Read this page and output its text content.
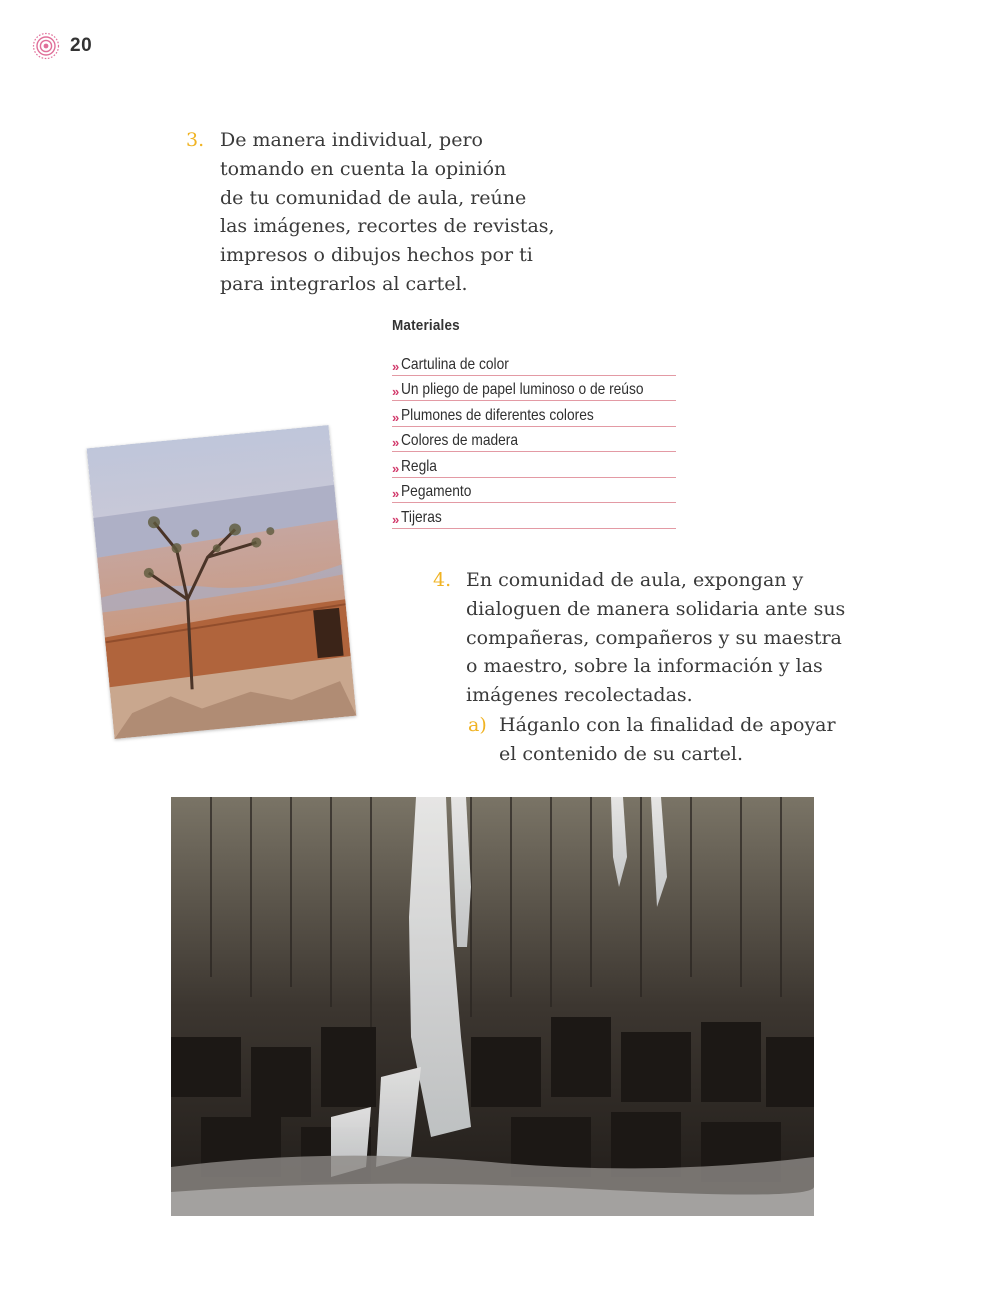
20
3. De manera individual, pero
tomando en cuenta la opinión
de tu comunidad de aula, reúne
las imágenes, recortes de revistas,
impresos o dibujos hechos por ti
para integrarlos al cartel.
Materiales
» Cartulina de color
» Un pliego de papel luminoso o de reúso
» Plumones de diferentes colores
» Colores de madera
» Regla
» Pegamento
» Tijeras
4. En comunidad de aula, expongan y
dialoguen de manera solidaria ante sus
compañeras, compañeros y su maestra
o maestro, sobre la información y las
imágenes recolectadas.
a) Háganlo con la finalidad de apoyar
el contenido de su cartel.
